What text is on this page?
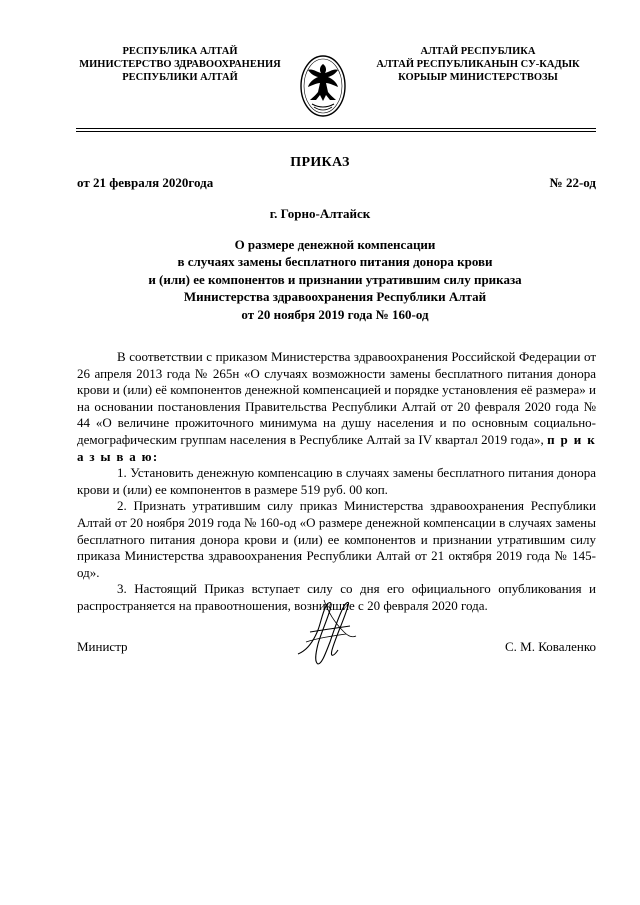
РЕСПУБЛИКА АЛТАЙ
МИНИСТЕРСТВО ЗДРАВООХРАНЕНИЯ
РЕСПУБЛИКИ АЛТАЙ
АЛТАЙ РЕСПУБЛИКА
АЛТАЙ РЕСПУБЛИКАНЫН СУ-КАДЫК
КОРЫЫР МИНИСТЕРСТВОЗЫ
ПРИКАЗ
от 21 февраля 2020года	№ 22-од
г. Горно-Алтайск
О размере денежной компенсации
в случаях замены бесплатного питания донора крови
и (или) ее компонентов и признании утратившим силу приказа
Министерства здравоохранения Республики Алтай
от 20 ноября 2019 года № 160-од

В соответствии с приказом Министерства здравоохранения Российской Федерации от 26 апреля 2013 года № 265н «О случаях возможности замены бесплатного питания донора крови и (или) её компонентов денежной компенсацией и порядке установления её размера» и на основании постановления Правительства Республики Алтай от 20 февраля 2020 года № 44 «О величине прожиточного минимума на душу населения и по основным социально-демографическим группам населения в Республике Алтай за IV квартал 2019 года», п р и к а з ы в а ю:

1. Установить денежную компенсацию в случаях замены бесплатного питания донора крови и (или) ее компонентов в размере 519 руб. 00 коп.

2. Признать утратившим силу приказ Министерства здравоохранения Республики Алтай от 20 ноября 2019 года № 160-од «О размере денежной компенсации в случаях замены бесплатного питания донора крови и (или) ее компонентов и признании утратившим силу приказа Министерства здравоохранения Республики Алтай от 21 октября 2019 года № 145-од».

3. Настоящий Приказ вступает силу со дня его официального опубликования и распространяется на правоотношения, возникшие с 20 февраля 2020 года.

Министр	С. М. Коваленко
